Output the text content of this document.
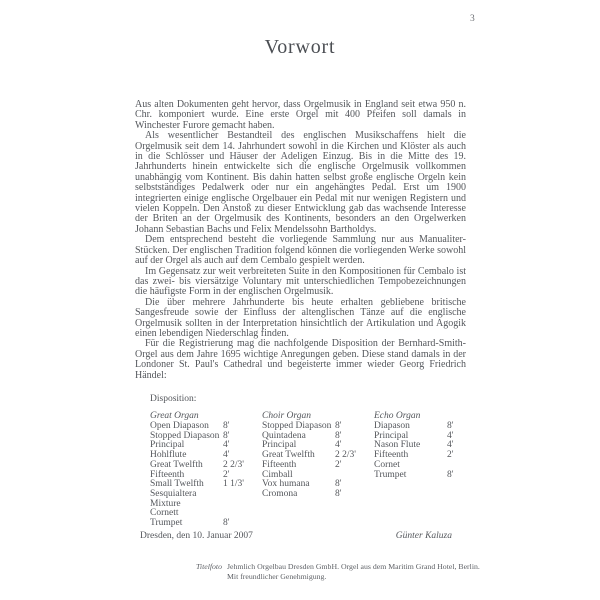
3
Vorwort

Aus alten Dokumenten geht hervor, dass Orgelmusik in England seit etwa 950 n. Chr. komponiert wurde. Eine erste Orgel mit 400 Pfeifen soll damals in Winchester Furore gemacht haben.

Als wesentlicher Bestandteil des englischen Musikschaffens hielt die Orgelmusik seit dem 14. Jahrhundert sowohl in die Kirchen und Klöster als auch in die Schlösser und Häuser der Adeligen Einzug. Bis in die Mitte des 19. Jahrhunderts hinein entwickelte sich die englische Orgelmusik vollkommen unabhängig vom Kontinent. Bis dahin hatten selbst große englische Orgeln kein selbstständiges Pedalwerk oder nur ein angehängtes Pedal. Erst um 1900 integrierten einige englische Orgelbauer ein Pedal mit nur wenigen Registern und vielen Koppeln. Den Anstoß zu dieser Entwicklung gab das wachsende Interesse der Briten an der Orgelmusik des Kontinents, besonders an den Orgelwerken Johann Sebastian Bachs und Felix Mendelssohn Bartholdys.

Dem entsprechend besteht die vorliegende Sammlung nur aus Manualiter-Stücken. Der englischen Tradition folgend können die vorliegenden Werke sowohl auf der Orgel als auch auf dem Cembalo gespielt werden.

Im Gegensatz zur weit verbreiteten Suite in den Kompositionen für Cembalo ist das zwei- bis viersätzige Voluntary mit unterschiedlichen Tempobezeichnungen die häufigste Form in der englischen Orgelmusik.

Die über mehrere Jahrhunderte bis heute erhalten gebliebene britische Sangesfreude sowie der Einfluss der altenglischen Tänze auf die englische Orgelmusik sollten in der Interpretation hinsichtlich der Artikulation und Agogik einen lebendigen Niederschlag finden.

Für die Registrierung mag die nachfolgende Disposition der Bernhard-Smith-Orgel aus dem Jahre 1695 wichtige Anregungen geben. Diese stand damals in der Londoner St. Paul's Cathedral und begeisterte immer wieder Georg Friedrich Händel:

Disposition:
Great Organ
Open Diapason	8'
Stopped Diapason 8'
Principal	4'
Hohlflute	4'
Great Twelfth	2 2/3'
Fifteenth	2'
Small Twelfth	1 1/3'
Sesquialtera
Mixture
Cornett
Trumpet	8'
Choir Organ
Stopped Diapason 8'
Quintadena	8'
Principal	4'
Great Twelfth	2 2/3'
Fifteenth	2'
Cimball
Vox humana	8'
Cromona	8'
Echo Organ
Diapason	8'
Principal	4'
Nason Flute	4'
Fifteenth	2'
Cornet
Trumpet	8'
Dresden, den 10. Januar 2007	Günter Kaluza
Titelfoto Jehmlich Orgelbau Dresden GmbH. Orgel aus dem Maritim Grand Hotel, Berlin.
Mit freundlicher Genehmigung.
